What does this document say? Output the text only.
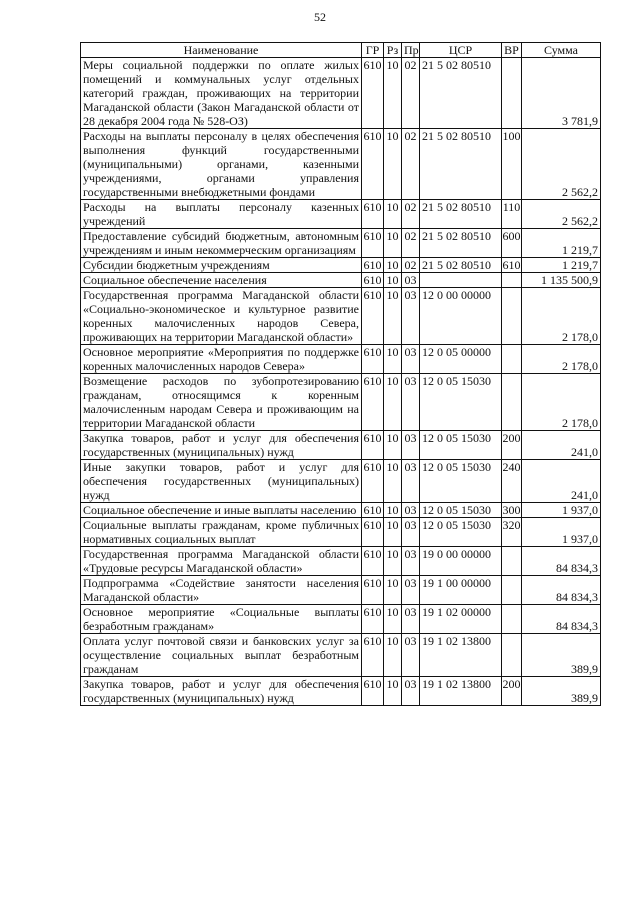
52
Наименование	ГР	Рз	Пр	ЦСР	ВР	Сумма
Меры социальной поддержки по оплате жилых помещений и коммунальных услуг отдельных категорий граждан, проживающих на территории Магаданской области (Закон Магаданской области от 28 декабря 2004 года № 528-ОЗ)	610	10	02	21 5 02 80510		3 781,9
Расходы на выплаты персоналу в целях обеспечения выполнения функций государственными (муниципальными) органами, казенными учреждениями, органами управления государственными внебюджетными фондами	610	10	02	21 5 02 80510	100	2 562,2
Расходы на выплаты персоналу казенных учреждений	610	10	02	21 5 02 80510	110	2 562,2
Предоставление субсидий бюджетным, автономным учреждениям и иным некоммерческим организациям	610	10	02	21 5 02 80510	600	1 219,7
Субсидии бюджетным учреждениям	610	10	02	21 5 02 80510	610	1 219,7
Социальное обеспечение населения	610	10	03			1 135 500,9
Государственная программа Магаданской области «Социально-экономическое и культурное развитие коренных малочисленных народов Севера, проживающих на территории Магаданской области»	610	10	03	12 0 00 00000		2 178,0
Основное мероприятие «Мероприятия по поддержке коренных малочисленных народов Севера»	610	10	03	12 0 05 00000		2 178,0
Возмещение расходов по зубопротезированию гражданам, относящимся к коренным малочисленным народам Севера и проживающим на территории Магаданской области	610	10	03	12 0 05 15030		2 178,0
Закупка товаров, работ и услуг для обеспечения государственных (муниципальных) нужд	610	10	03	12 0 05 15030	200	241,0
Иные закупки товаров, работ и услуг для обеспечения государственных (муниципальных) нужд	610	10	03	12 0 05 15030	240	241,0
Социальное обеспечение и иные выплаты населению	610	10	03	12 0 05 15030	300	1 937,0
Социальные выплаты гражданам, кроме публичных нормативных социальных выплат	610	10	03	12 0 05 15030	320	1 937,0
Государственная программа Магаданской области «Трудовые ресурсы Магаданской области»	610	10	03	19 0 00 00000		84 834,3
Подпрограмма «Содействие занятости населения Магаданской области»	610	10	03	19 1 00 00000		84 834,3
Основное мероприятие «Социальные выплаты безработным гражданам»	610	10	03	19 1 02 00000		84 834,3
Оплата услуг почтовой связи и банковских услуг за осуществление социальных выплат безработным гражданам	610	10	03	19 1 02 13800		389,9
Закупка товаров, работ и услуг для обеспечения государственных (муниципальных) нужд	610	10	03	19 1 02 13800	200	389,9
